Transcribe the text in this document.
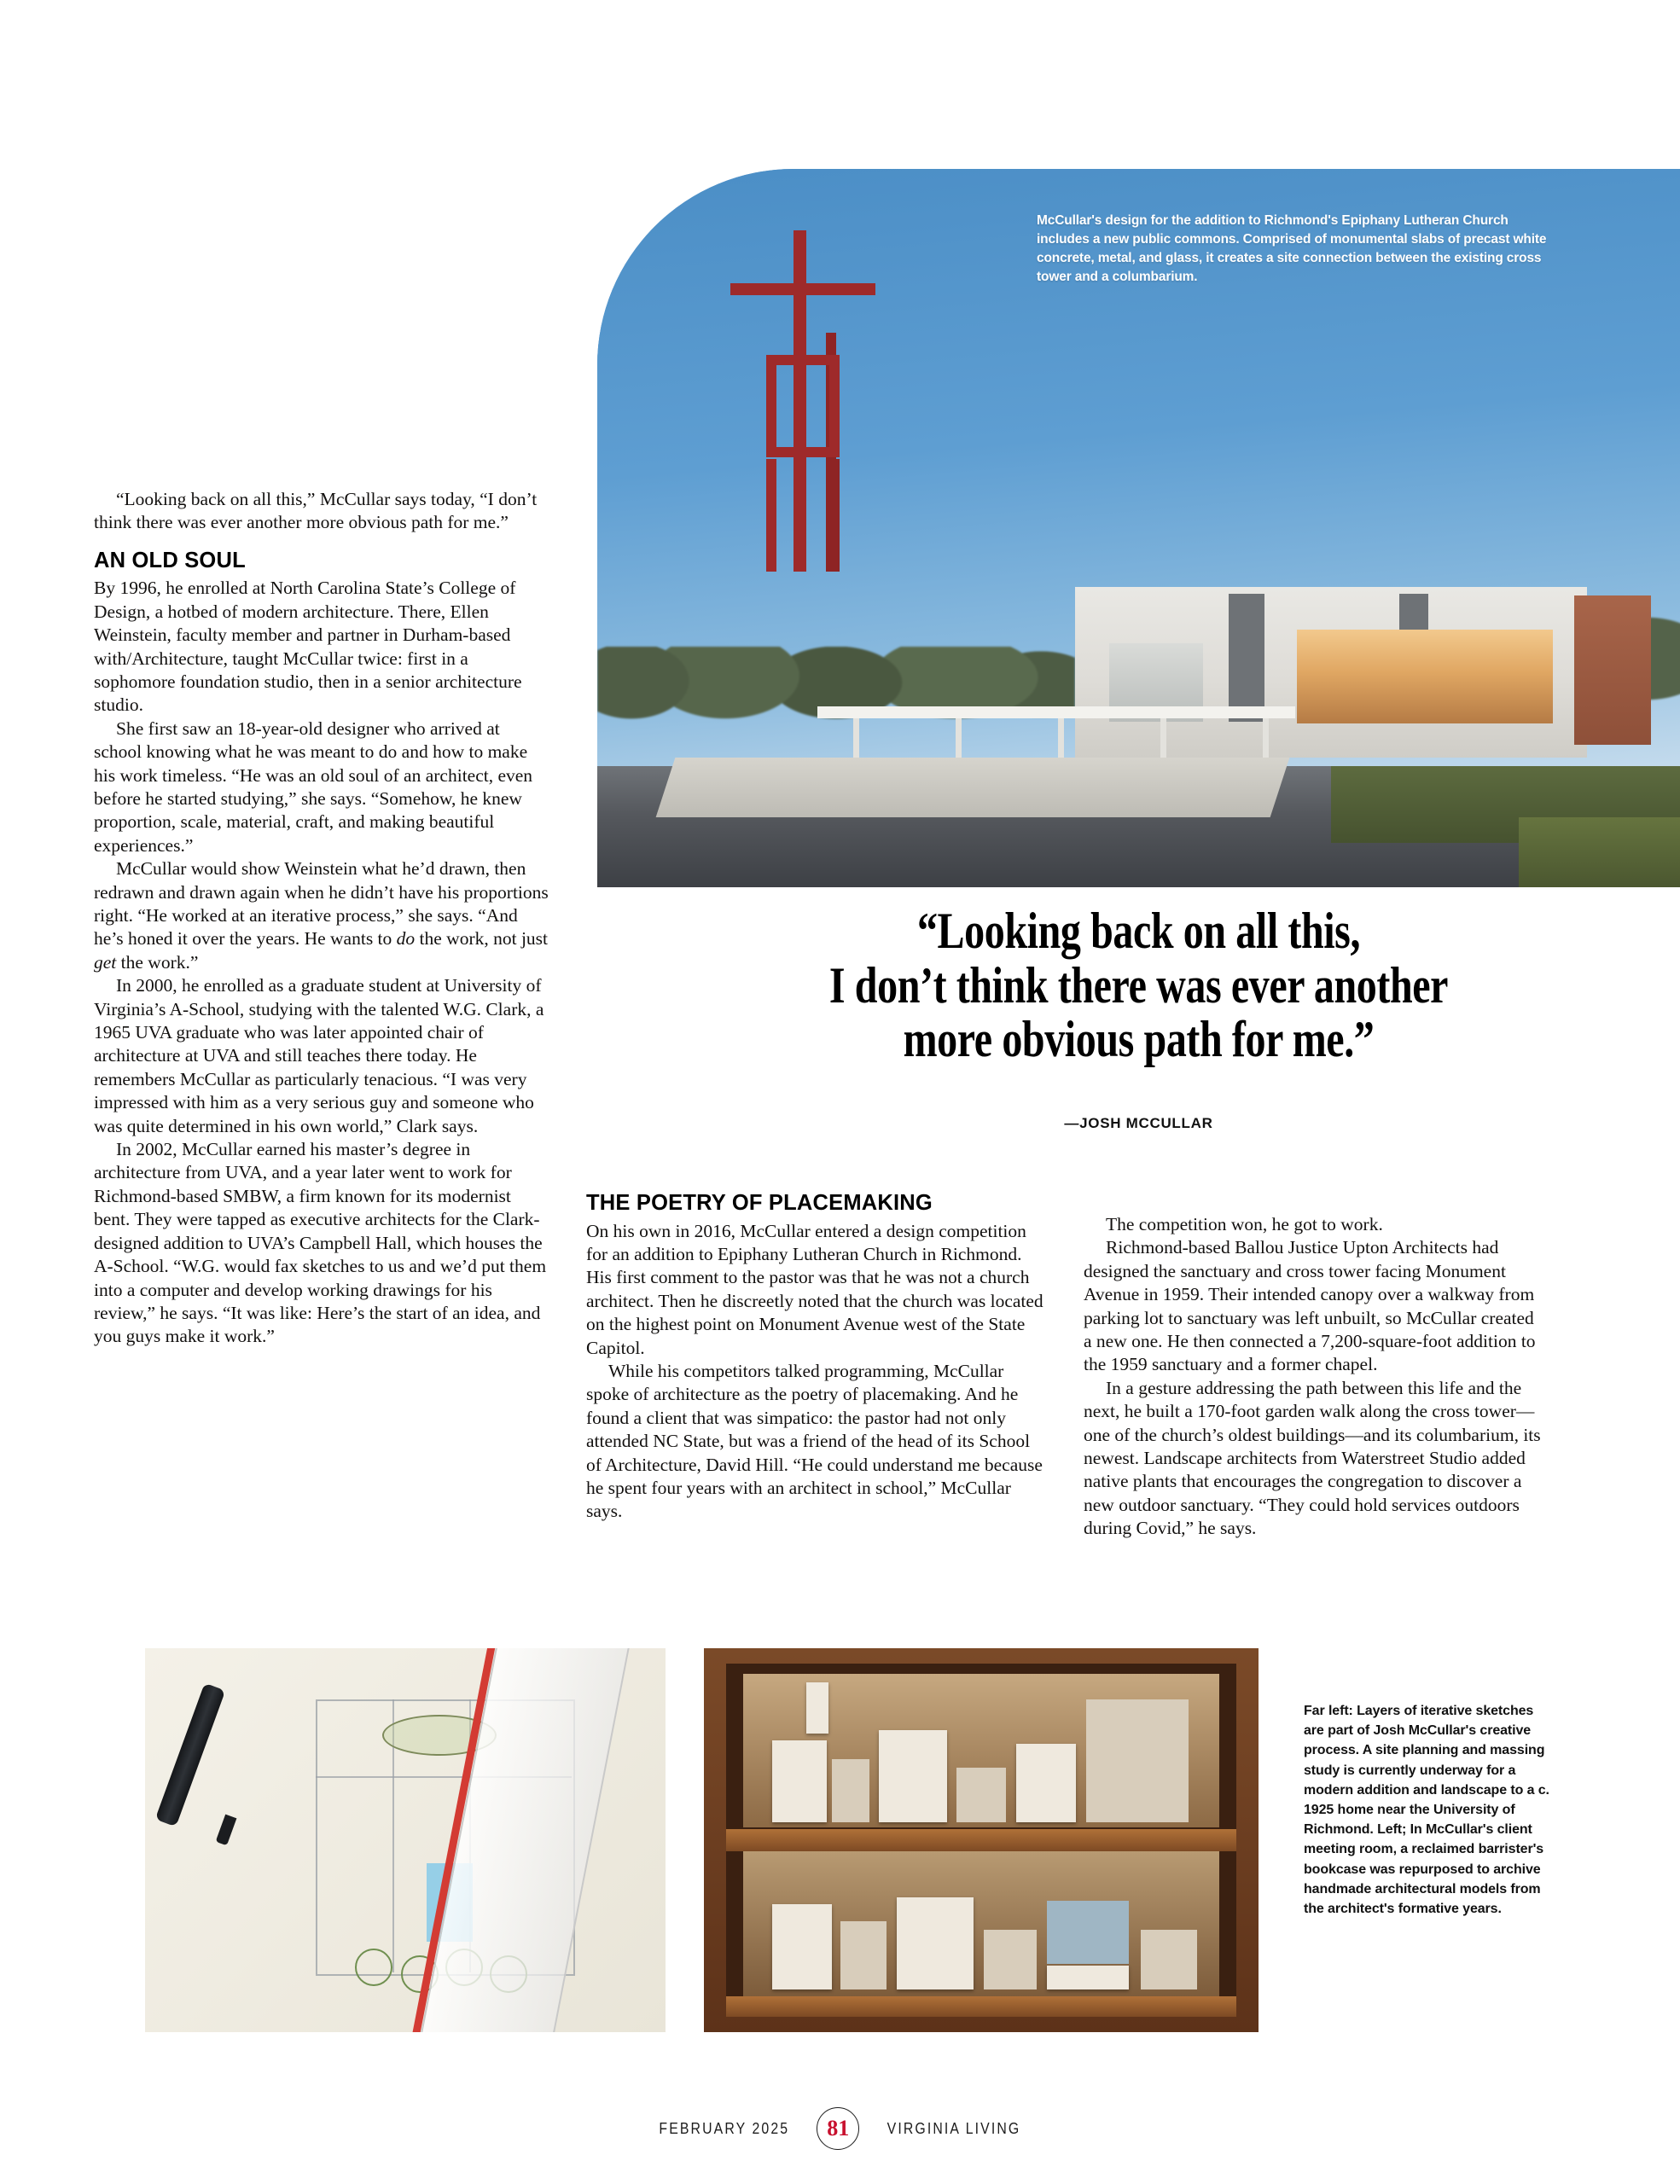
McCullar's design for the addition to Richmond's Epiphany Lutheran Church includes a new public commons. Comprised of monumental slabs of precast white concrete, metal, and glass, it creates a site connection between the existing cross tower and a columbarium.

“Looking back on all this,” McCullar says today, “I don’t think there was ever another more obvious path for me.”

AN OLD SOUL

By 1996, he enrolled at North Carolina State’s College of Design, a hotbed of modern architecture. There, Ellen Weinstein, faculty member and partner in Durham-based with/Architecture, taught McCullar twice: first in a sophomore foundation studio, then in a senior architecture studio.

She first saw an 18-year-old designer who arrived at school knowing what he was meant to do and how to make his work timeless. “He was an old soul of an architect, even before he started studying,” she says. “Somehow, he knew proportion, scale, material, craft, and making beautiful experiences.”

McCullar would show Weinstein what he’d drawn, then redrawn and drawn again when he didn’t have his proportions right. “He worked at an iterative process,” she says. “And he’s honed it over the years. He wants to do the work, not just get the work.”

In 2000, he enrolled as a graduate student at University of Virginia’s A-School, studying with the talented W.G. Clark, a 1965 UVA graduate who was later appointed chair of architecture at UVA and still teaches there today. He remembers McCullar as particularly tenacious. “I was very impressed with him as a very serious guy and someone who was quite determined in his own world,” Clark says.

In 2002, McCullar earned his master’s degree in architecture from UVA, and a year later went to work for Richmond-based SMBW, a firm known for its modernist bent. They were tapped as executive architects for the Clark-designed addition to UVA’s Campbell Hall, which houses the A-School. “W.G. would fax sketches to us and we’d put them into a computer and develop working drawings for his review,” he says. “It was like: Here’s the start of an idea, and you guys make it work.”

“Looking back on all this,
I don’t think there was ever another
more obvious path for me.”
—JOSH MCCULLAR
THE POETRY OF PLACEMAKING

On his own in 2016, McCullar entered a design competition for an addition to Epiphany Lutheran Church in Richmond. His first comment to the pastor was that he was not a church architect. Then he discreetly noted that the church was located on the highest point on Monument Avenue west of the State Capitol.

While his competitors talked programming, McCullar spoke of architecture as the poetry of placemaking. And he found a client that was simpatico: the pastor had not only attended NC State, but was a friend of the head of its School of Architecture, David Hill. “He could understand me because he spent four years with an architect in school,” McCullar says.

The competition won, he got to work.

Richmond-based Ballou Justice Upton Architects had designed the sanctuary and cross tower facing Monument Avenue in 1959. Their intended canopy over a walkway from parking lot to sanctuary was left unbuilt, so McCullar created a new one. He then connected a 7,200-square-foot addition to the 1959 sanctuary and a former chapel.

In a gesture addressing the path between this life and the next, he built a 170-foot garden walk along the cross tower—one of the church’s oldest buildings—and its columbarium, its newest. Landscape architects from Waterstreet Studio added native plants that encourages the congregation to discover a new outdoor sanctuary. “They could hold services outdoors during Covid,” he says.

Far left: Layers of iterative sketches are part of Josh McCullar's creative process. A site planning and massing study is currently underway for a modern addition and landscape to a c. 1925 home near the University of Richmond. Left; In McCullar's client meeting room, a reclaimed barrister's bookcase was repurposed to archive handmade architectural models from the architect's formative years.
FEBRUARY 2025 81 VIRGINIA LIVING
